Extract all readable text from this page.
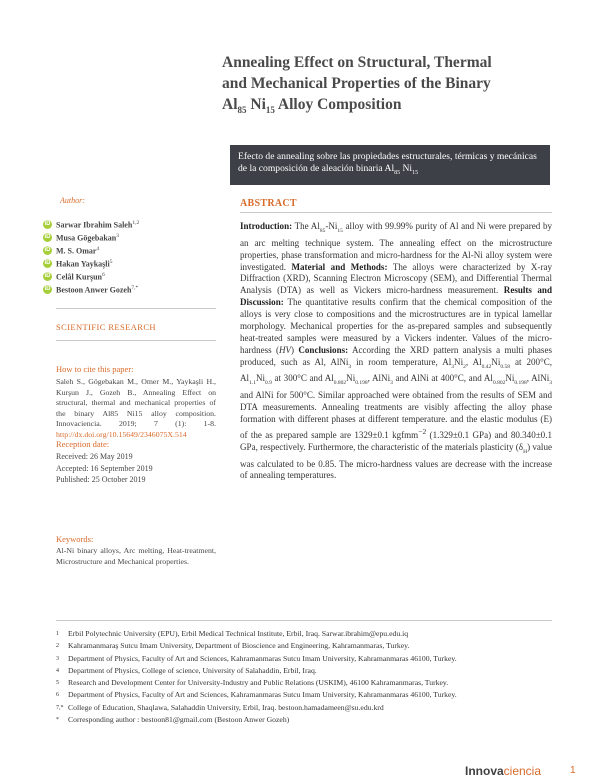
Annealing Effect on Structural, Thermal
and Mechanical Properties of the Binary
$Al_{85}$ $Ni_{15}$ Alloy Composition
Efecto de annealing sobre las propiedades estructurales, térmicas y mecánicas de la composición de aleación binaria $Al_{85}$ $Ni_{15}$
Author:
iD Sarwar Ibrahim Saleh$^{1,2}$
iD Musa Gögebakan$^3$
iD M. S. Omar$^4$
iD Hakan Yaykaşli$^5$
iD Celâl Kurşun$^6$
iD Bestoon Anwer Gozeh$^{7,*}$
SCIENTIFIC RESEARCH
How to cite this paper:
Saleh S., Gögebakan M., Omer M., Yaykaşli H., Kurşun J., Gozeh B., Annealing Effect on structural, thermal and mechanical properties of the binary Al85 Ni15 alloy composition. Innovaciencia. 2019; 7 (1): 1-8. http://dx.doi.org/10.15649/2346075X.514
Reception date:
Received: 26 May 2019
Accepted: 16 September 2019
Published: 25 October 2019
Keywords:
Al-Ni binary alloys, Arc melting, Heat-treatment, Microstructure and Mechanical properties.
ABSTRACT
Introduction: The $Al_{85}-Ni_{15}$ alloy with 99.99% purity of Al and Ni were prepared by an arc melting technique system. The annealing effect on the microstructure properties, phase transformation and micro-hardness for the Al-Ni alloy system were investigated. Material and Methods: The alloys were characterized by X-ray Diffraction (XRD), Scanning Electron Microscopy (SEM), and Differential Thermal Analysis (DTA) as well as Vickers micro-hardness measurement. Results and Discussion: The quantitative results confirm that the chemical composition of the alloys is very close to compositions and the microstructures are in typical lamellar morphology. Mechanical properties for the as-prepared samples and subsequently heat-treated samples were measured by a Vickers indenter. Values of the micro-hardness (HV) Conclusions: According the XRD pattern analysis a multi phases produced, such as Al, AlNi$_3$ in room temperature, $Al_3Ni_2$, $Al_{0.42}Ni_{0.58}$ at 200°C, $Al_{1.1}Ni_{0.9}$ at 300°C and $Al_{0.802}Ni_{0.198}$, AlNi$_3$ and AlNi at 400°C, and $Al_{0.802}Ni_{0.198}$, AlNi$_3$ and AlNi for 500°C. Similar approached were obtained from the results of SEM and DTA measurements. Annealing treatments are visibly affecting the alloy phase formation with different phases at different temperature. and the elastic modulus (E) of the as prepared sample are 1329±0.1 kgfmm$^{-2}$ (1.329±0.1 GPa) and 80.340±0.1 GPa, respectively. Furthermore, the characteristic of the materials plasticity $(\delta_H)$ value was calculated to be 0.85. The micro-hardness values are decrease with the increase of annealing temperatures.
1	Erbil Polytechnic University (EPU), Erbil Medical Technical Institute, Erbil, Iraq. Sarwar.ibrahim@epu.edu.iq
2	Kahramanmaraş Sutcu Imam University, Department of Bioscience and Engineering, Kahramanmaras, Turkey.
3	Department of Physics, Faculty of Art and Sciences, Kahramanmaras Sutcu Imam University, Kahramanmaras 46100, Turkey.
4	Department of Physics, College of science, University of Salahaddin, Erbil, Iraq.
5	Research and Development Center for University-Industry and Public Relations (USKIM), 46100 Kahramanmaras, Turkey.
6	Department of Physics, Faculty of Art and Sciences, Kahramanmaras Sutcu Imam University, Kahramanmaras 46100, Turkey.
7,* College of Education, Shaqlawa, Salahaddin University, Erbil, Iraq. bestoon.hamadameen@su.edu.krd
*	Corresponding author : bestoon81@gmail.com (Bestoon Anwer Gozeh)
Innovaciencia	1
